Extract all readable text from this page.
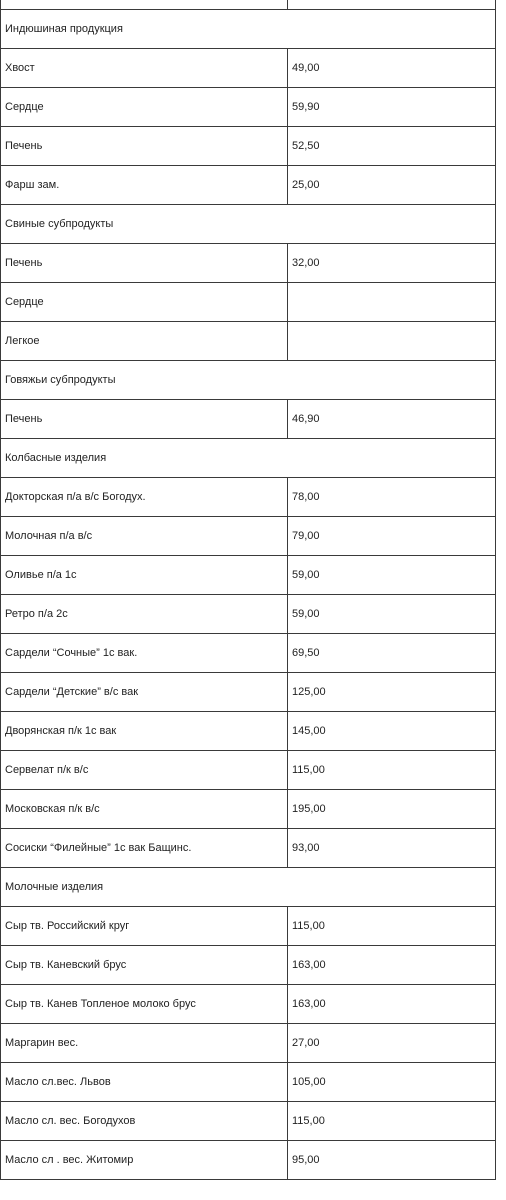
Индюшиная продукция	
Хвост	49,00
Сердце	59,90
Печень	52,50
Фарш зам.	25,00
Свиные субпродукты	
Печень	32,00
Сердце	
Легкое	
Говяжьи субпродукты	
Печень	46,90
Колбасные изделия	
Докторская п/а в/с Богодух.	78,00
Молочная п/а в/с	79,00
Оливье п/а 1с	59,00
Ретро п/а 2с	59,00
Сардели “Сочные” 1с вак.	69,50
Сардели “Детские” в/с вак	125,00
Дворянская п/к 1с вак	145,00
Сервелат п/к в/с	115,00
Московская п/к в/с	195,00
Сосиски “Филейные” 1с вак Бащинс.	93,00
Молочные изделия	
Сыр тв. Российский круг	115,00
Сыр тв. Каневский брус	163,00
Сыр тв. Канев Топленое молоко брус	163,00
Маргарин вес.	27,00
Масло сл.вес. Львов	105,00
Масло сл. вес. Богодухов	115,00
Масло сл . вес. Житомир	95,00
